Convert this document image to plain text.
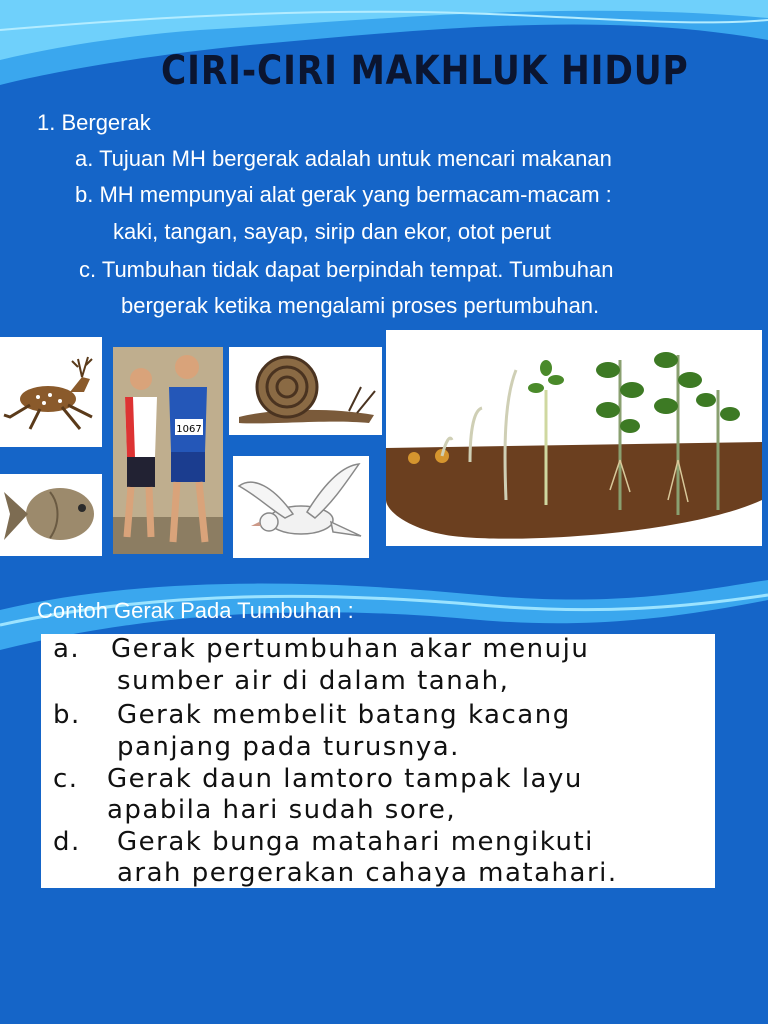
CIRI-CIRI MAKHLUK HIDUP
1. Bergerak
a. Tujuan MH bergerak adalah untuk mencari makanan
b. MH mempunyai alat gerak yang bermacam-macam :
kaki, tangan, sayap, sirip dan ekor, otot perut
c. Tumbuhan tidak dapat berpindah tempat. Tumbuhan
bergerak ketika mengalami proses pertumbuhan.
1067
Contoh Gerak Pada Tumbuhan :
a. Gerak pertumbuhan akar menuju
sumber air di dalam tanah,
b. Gerak membelit batang kacang
panjang pada turusnya.
c. Gerak daun lamtoro tampak layu
apabila hari sudah sore,
d. Gerak bunga matahari mengikuti
arah pergerakan cahaya matahari.
